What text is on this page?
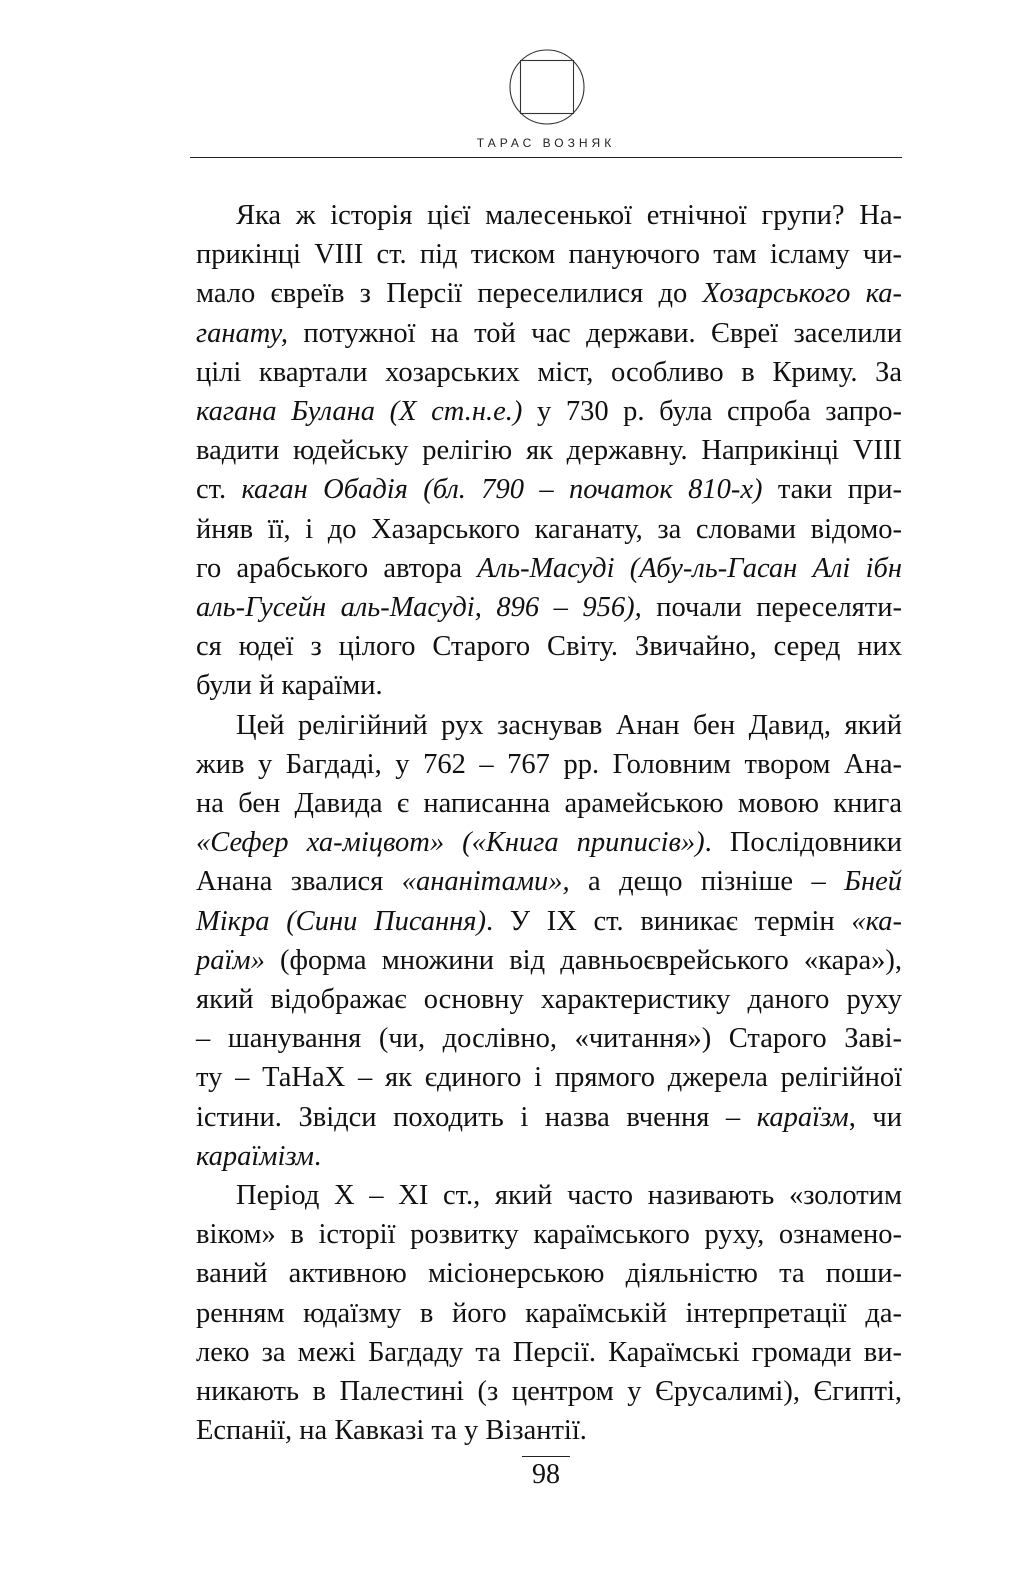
ТАРАС ВОЗНЯК
Яка ж історія цієї малесенької етнічної групи? На-
прикінці VIII ст. під тиском пануючого там ісламу чи-
мало євреїв з Персії переселилися до Хозарського ка-
ганату, потужної на той час держави. Євреї заселили
цілі квартали хозарських міст, особливо в Криму. За
кагана Булана (X ст.н.е.) у 730 р. була спроба запро-
вадити юдейську релігію як державну. Наприкінці VIII
ст. каган Обадія (бл. 790 – початок 810-х) таки при-
йняв її, і до Хазарського каганату, за словами відомо-
го арабського автора Аль-Масуді (Абу-ль-Гасан Алі ібн
аль-Гусейн аль-Масуді, 896 – 956), почали переселяти-
ся юдеї з цілого Старого Світу. Звичайно, серед них
були й караїми.
Цей релігійний рух заснував Анан бен Давид, який
жив у Багдаді, у 762 – 767 рр. Головним твором Ана-
на бен Давида є написанна арамейською мовою книга
«Сефер ха-міцвот» («Книга приписів»). Послідовники
Анана звалися «ананітами», а дещо пізніше – Бней
Мікра (Сини Писання). У IX ст. виникає термін «ка-
раїм» (форма множини від давньоєврейського «кара»),
який відображає основну характеристику даного руху
– шанування (чи, дослівно, «читання») Старого Заві-
ту – ТаНаХ – як єдиного і прямого джерела релігійної
істини. Звідси походить і назва вчення – караїзм, чи
караїмізм.
Період X – XI ст., який часто називають «золотим
віком» в історії розвитку караїмського руху, ознамено-
ваний активною місіонерською діяльністю та поши-
ренням юдаїзму в його караїмській інтерпретації да-
леко за межі Багдаду та Персії. Караїмські громади ви-
никають в Палестині (з центром у Єрусалимі), Єгипті,
Еспанії, на Кавказі та у Візантії.
98
